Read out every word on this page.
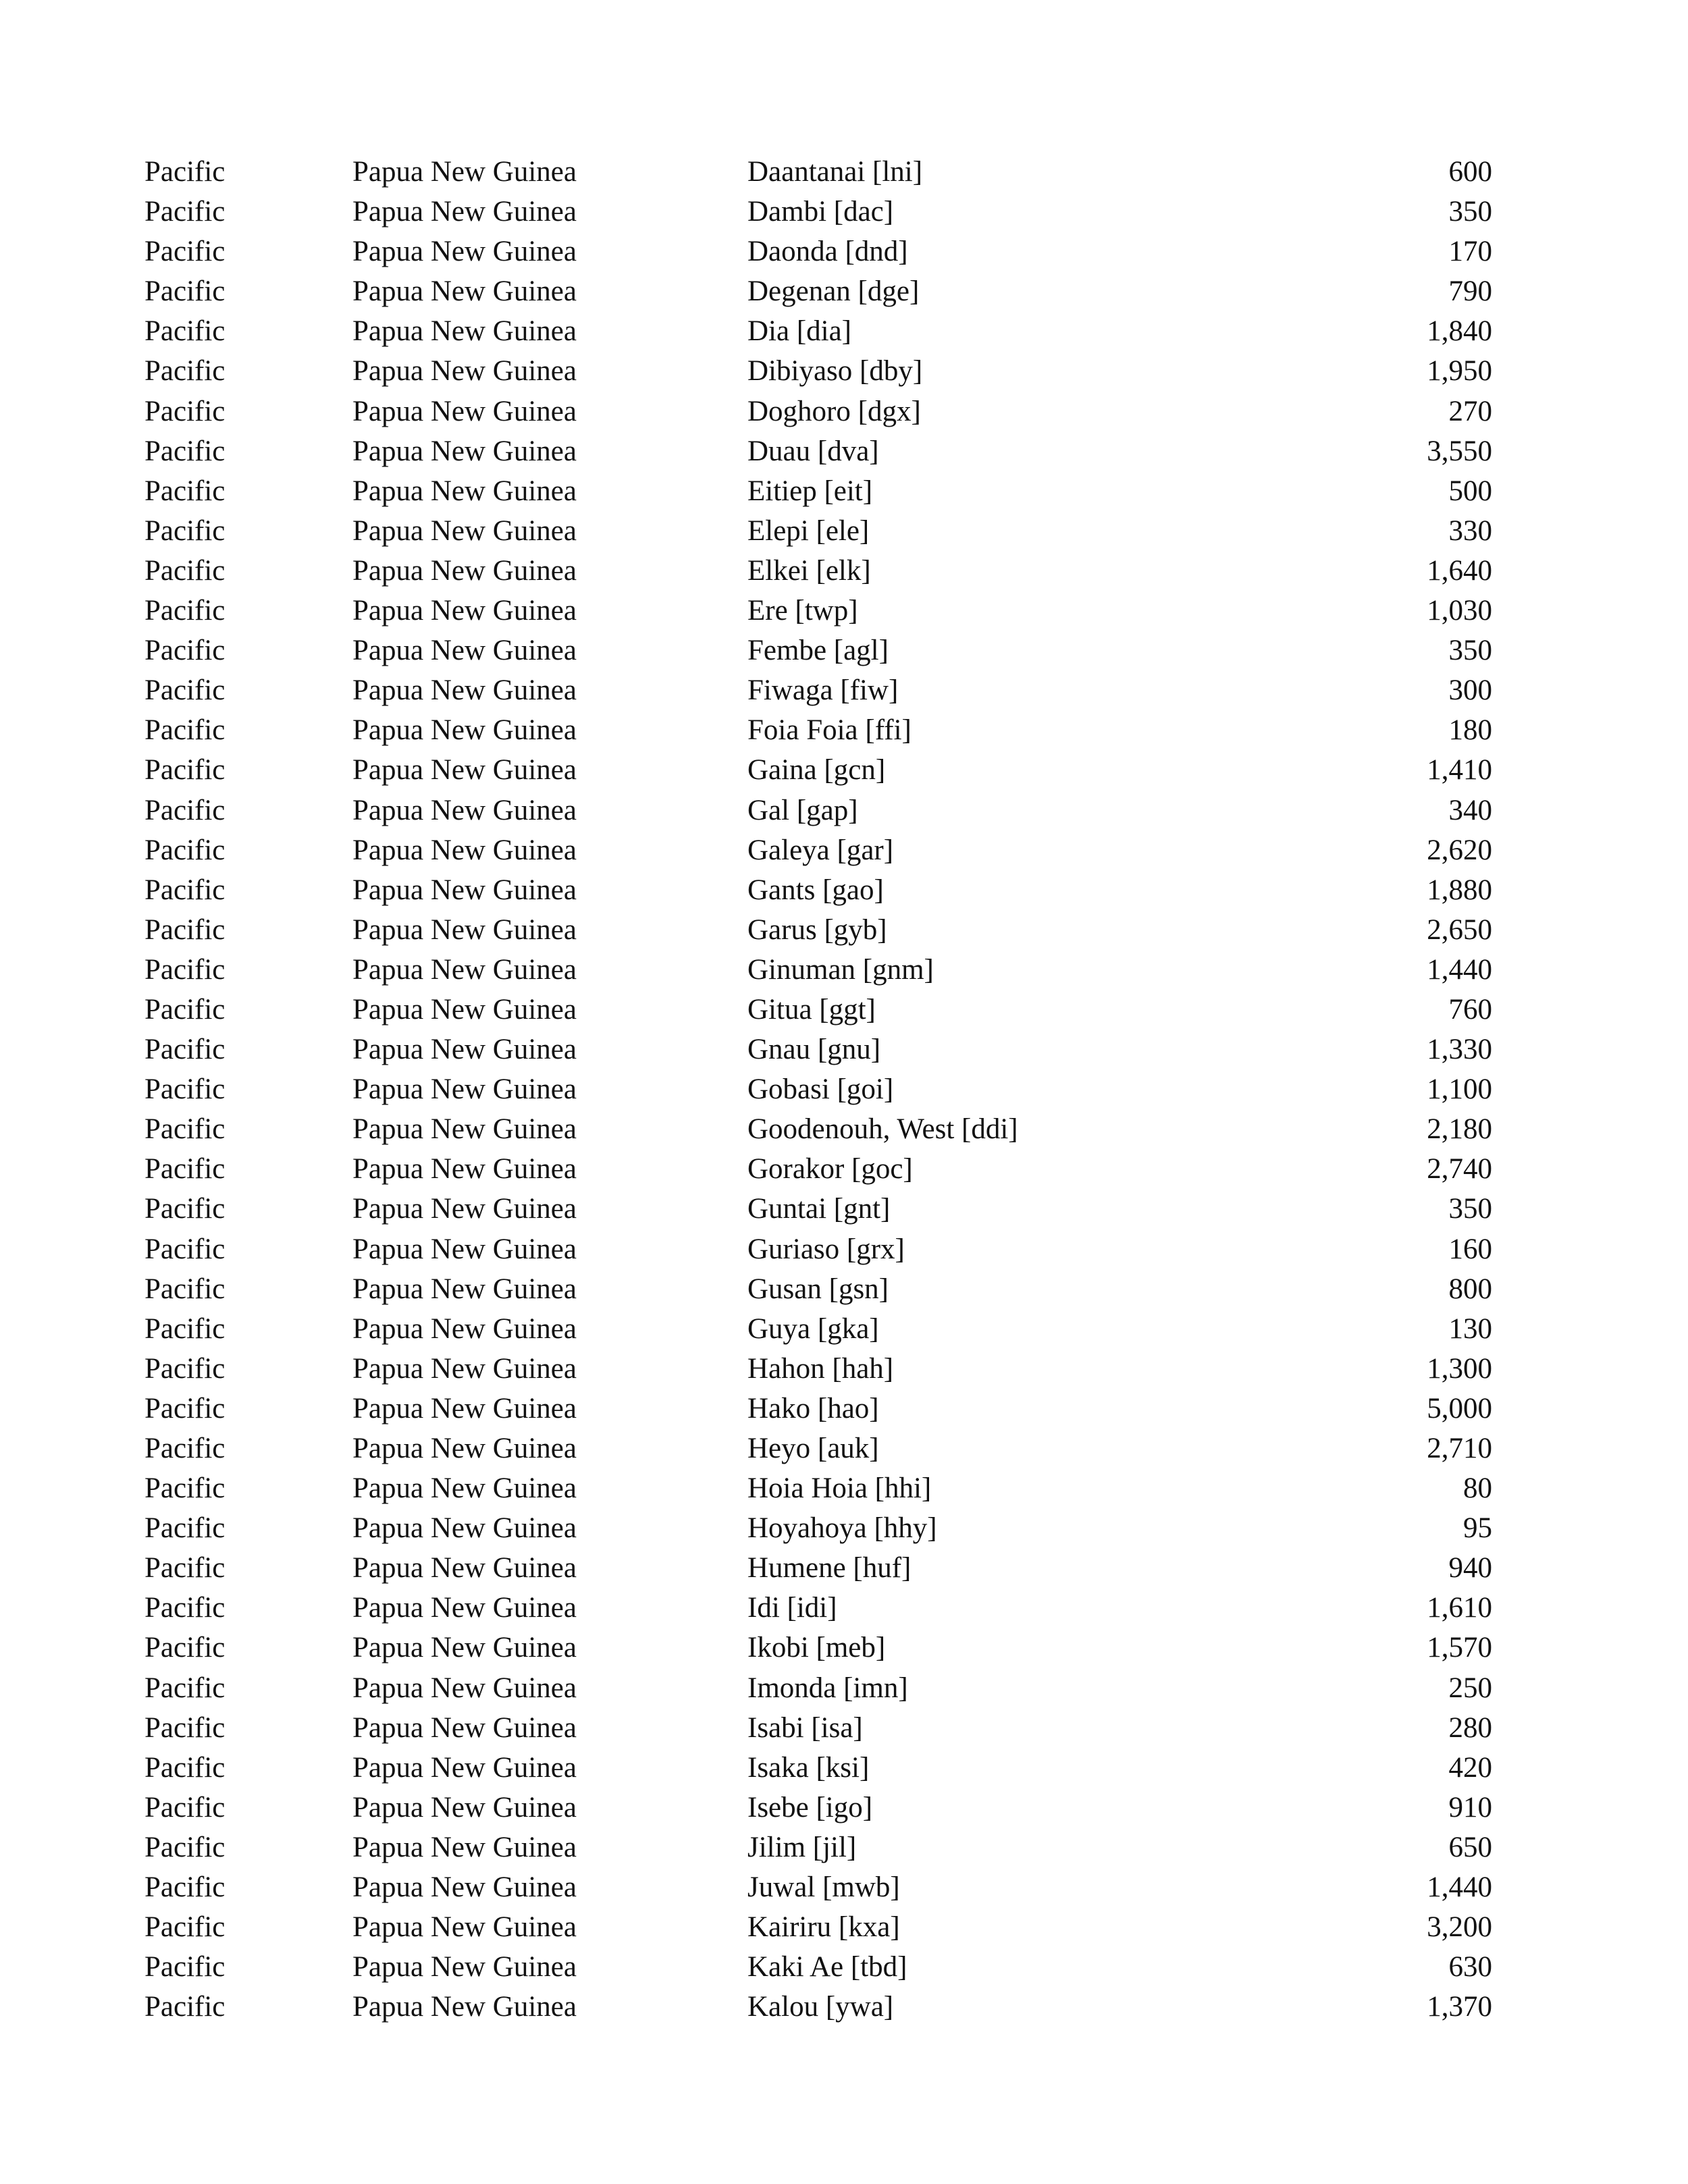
Pacific	Papua New Guinea	Daantanai [lni]	600
Pacific	Papua New Guinea	Dambi [dac]	350
Pacific	Papua New Guinea	Daonda [dnd]	170
Pacific	Papua New Guinea	Degenan [dge]	790
Pacific	Papua New Guinea	Dia [dia]	1,840
Pacific	Papua New Guinea	Dibiyaso [dby]	1,950
Pacific	Papua New Guinea	Doghoro [dgx]	270
Pacific	Papua New Guinea	Duau [dva]	3,550
Pacific	Papua New Guinea	Eitiep [eit]	500
Pacific	Papua New Guinea	Elepi [ele]	330
Pacific	Papua New Guinea	Elkei [elk]	1,640
Pacific	Papua New Guinea	Ere [twp]	1,030
Pacific	Papua New Guinea	Fembe [agl]	350
Pacific	Papua New Guinea	Fiwaga [fiw]	300
Pacific	Papua New Guinea	Foia Foia [ffi]	180
Pacific	Papua New Guinea	Gaina [gcn]	1,410
Pacific	Papua New Guinea	Gal [gap]	340
Pacific	Papua New Guinea	Galeya [gar]	2,620
Pacific	Papua New Guinea	Gants [gao]	1,880
Pacific	Papua New Guinea	Garus [gyb]	2,650
Pacific	Papua New Guinea	Ginuman [gnm]	1,440
Pacific	Papua New Guinea	Gitua [ggt]	760
Pacific	Papua New Guinea	Gnau [gnu]	1,330
Pacific	Papua New Guinea	Gobasi [goi]	1,100
Pacific	Papua New Guinea	Goodenouh, West [ddi]	2,180
Pacific	Papua New Guinea	Gorakor [goc]	2,740
Pacific	Papua New Guinea	Guntai [gnt]	350
Pacific	Papua New Guinea	Guriaso [grx]	160
Pacific	Papua New Guinea	Gusan [gsn]	800
Pacific	Papua New Guinea	Guya [gka]	130
Pacific	Papua New Guinea	Hahon [hah]	1,300
Pacific	Papua New Guinea	Hako [hao]	5,000
Pacific	Papua New Guinea	Heyo [auk]	2,710
Pacific	Papua New Guinea	Hoia Hoia [hhi]	80
Pacific	Papua New Guinea	Hoyahoya [hhy]	95
Pacific	Papua New Guinea	Humene [huf]	940
Pacific	Papua New Guinea	Idi [idi]	1,610
Pacific	Papua New Guinea	Ikobi [meb]	1,570
Pacific	Papua New Guinea	Imonda [imn]	250
Pacific	Papua New Guinea	Isabi [isa]	280
Pacific	Papua New Guinea	Isaka [ksi]	420
Pacific	Papua New Guinea	Isebe [igo]	910
Pacific	Papua New Guinea	Jilim [jil]	650
Pacific	Papua New Guinea	Juwal [mwb]	1,440
Pacific	Papua New Guinea	Kairiru [kxa]	3,200
Pacific	Papua New Guinea	Kaki Ae [tbd]	630
Pacific	Papua New Guinea	Kalou [ywa]	1,370
